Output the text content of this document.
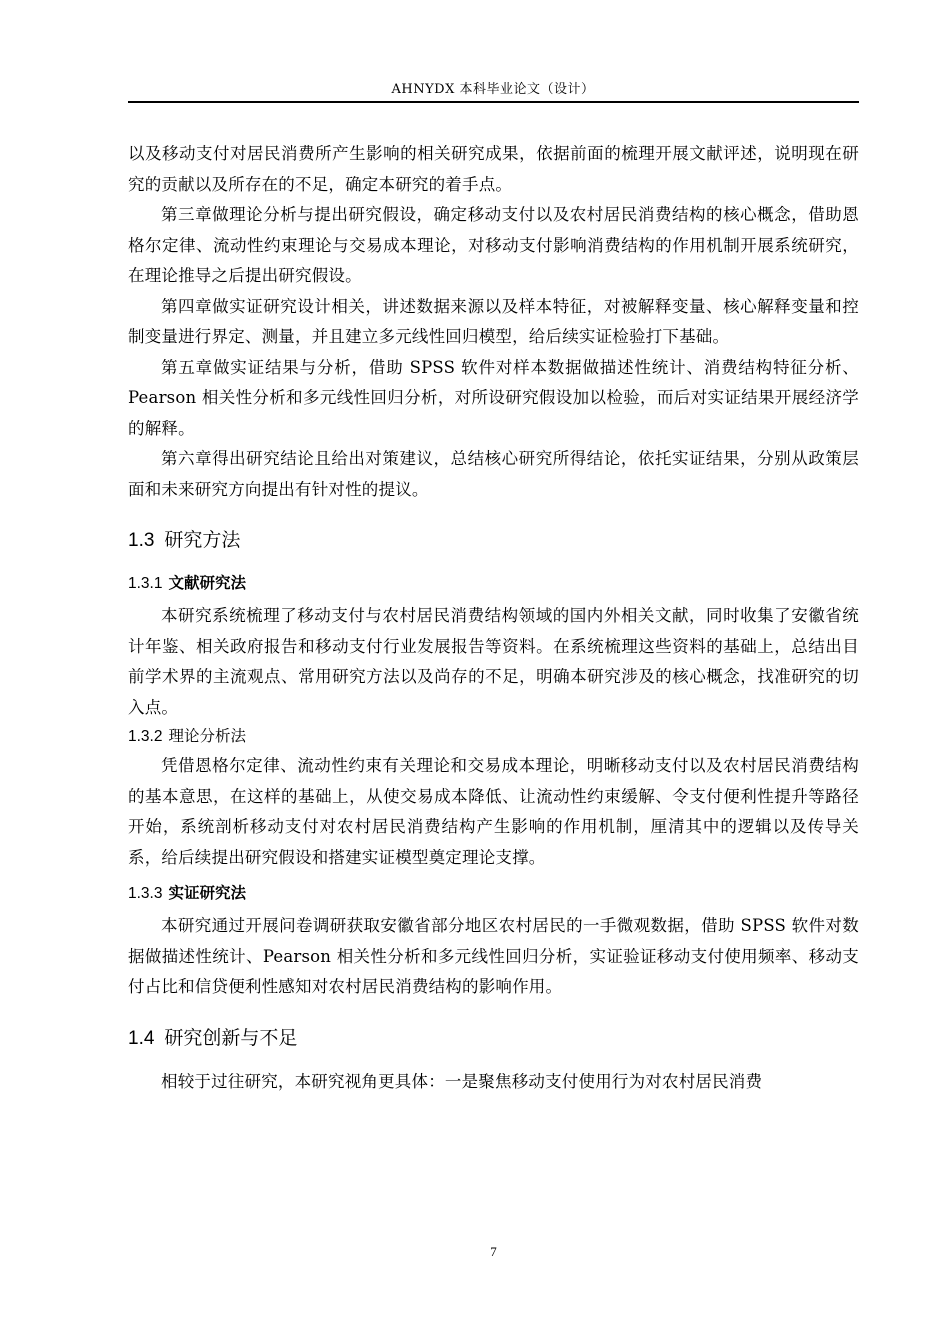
AHNYDX 本科毕业论文（设计）

以及移动支付对居民消费所产生影响的相关研究成果，依据前面的梳理开展文献评述，说明现在研究的贡献以及所存在的不足，确定本研究的着手点。

第三章做理论分析与提出研究假设，确定移动支付以及农村居民消费结构的核心概念，借助恩格尔定律、流动性约束理论与交易成本理论，对移动支付影响消费结构的作用机制开展系统研究，在理论推导之后提出研究假设。

第四章做实证研究设计相关，讲述数据来源以及样本特征，对被解释变量、核心解释变量和控制变量进行界定、测量，并且建立多元线性回归模型，给后续实证检验打下基础。

第五章做实证结果与分析，借助 SPSS 软件对样本数据做描述性统计、消费结构特征分析、Pearson 相关性分析和多元线性回归分析，对所设研究假设加以检验，而后对实证结果开展经济学的解释。

第六章得出研究结论且给出对策建议，总结核心研究所得结论，依托实证结果，分别从政策层面和未来研究方向提出有针对性的提议。

1.3 研究方法
1.3.1 文献研究法

本研究系统梳理了移动支付与农村居民消费结构领域的国内外相关文献，同时收集了安徽省统计年鉴、相关政府报告和移动支付行业发展报告等资料。在系统梳理这些资料的基础上，总结出目前学术界的主流观点、常用研究方法以及尚存的不足，明确本研究涉及的核心概念，找准研究的切入点。

1.3.2 理论分析法

凭借恩格尔定律、流动性约束有关理论和交易成本理论，明晰移动支付以及农村居民消费结构的基本意思，在这样的基础上，从使交易成本降低、让流动性约束缓解、令支付便利性提升等路径开始，系统剖析移动支付对农村居民消费结构产生影响的作用机制，厘清其中的逻辑以及传导关系，给后续提出研究假设和搭建实证模型奠定理论支撑。

1.3.3 实证研究法

本研究通过开展问卷调研获取安徽省部分地区农村居民的一手微观数据，借助 SPSS 软件对数据做描述性统计、Pearson 相关性分析和多元线性回归分析，实证验证移动支付使用频率、移动支付占比和信贷便利性感知对农村居民消费结构的影响作用。

1.4 研究创新与不足

相较于过往研究，本研究视角更具体：一是聚焦移动支付使用行为对农村居民消费

7
